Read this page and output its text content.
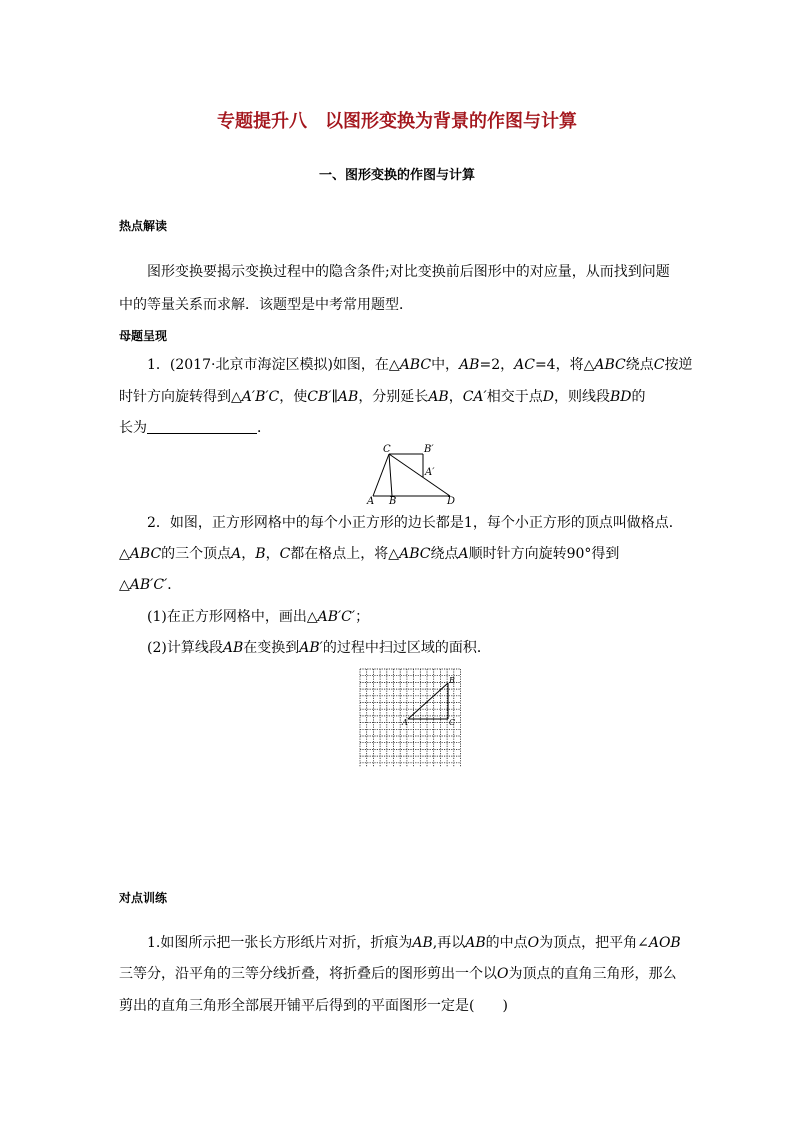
专题提升八　以图形变换为背景的作图与计算
一、图形变换的作图与计算
热点解读
图形变换要揭示变换过程中的隐含条件;对比变换前后图形中的对应量，从而找到问题
中的等量关系而求解．该题型是中考常用题型．
母题呈现
1．(2017·北京市海淀区模拟)如图，在△ABC中，AB=2，AC=4，将△ABC绕点C按逆
时针方向旋转得到△A′B′C，使CB′∥AB，分别延长AB，CA′相交于点D，则线段BD的
长为	．
C	B′
A′
A B	D
2．如图，正方形网格中的每个小正方形的边长都是1，每个小正方形的顶点叫做格点．
△ABC的三个顶点A，B，C都在格点上，将△ABC绕点A顺时针方向旋转90°得到
△AB′C′．
(1)在正方形网格中，画出△AB′C′；
(2)计算线段AB在变换到AB′的过程中扫过区域的面积．
A
B
C
对点训练
1.如图所示把一张长方形纸片对折，折痕为AB,再以AB的中点O为顶点，把平角∠AOB
三等分，沿平角的三等分线折叠，将折叠后的图形剪出一个以O为顶点的直角三角形，那么
剪出的直角三角形全部展开铺平后得到的平面图形一定是(　　)
